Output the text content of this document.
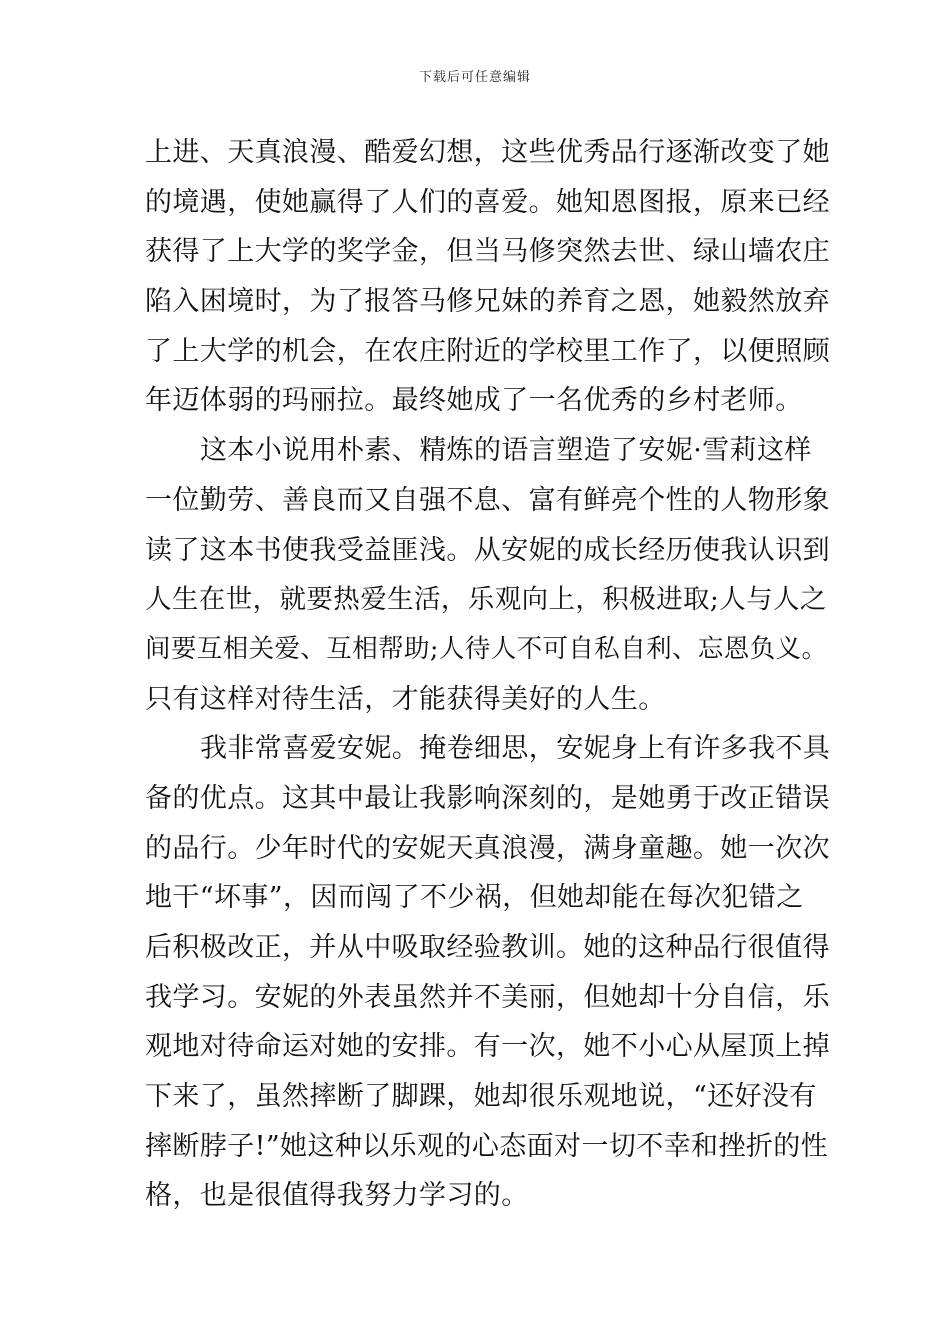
下载后可任意编辑
上进、天真浪漫、酷爱幻想，这些优秀品行逐渐改变了她
的境遇，使她赢得了人们的喜爱。她知恩图报，原来已经
获得了上大学的奖学金，但当马修突然去世、绿山墙农庄
陷入困境时，为了报答马修兄妹的养育之恩，她毅然放弃
了上大学的机会，在农庄附近的学校里工作了，以便照顾
年迈体弱的玛丽拉。最终她成了一名优秀的乡村老师。
这本小说用朴素、精炼的语言塑造了安妮·雪莉这样
一位勤劳、善良而又自强不息、富有鲜亮个性的人物形象
读了这本书使我受益匪浅。从安妮的成长经历使我认识到
人生在世，就要热爱生活，乐观向上，积极进取;人与人之
间要互相关爱、互相帮助;人待人不可自私自利、忘恩负义。
只有这样对待生活，才能获得美好的人生。
我非常喜爱安妮。掩卷细思，安妮身上有许多我不具
备的优点。这其中最让我影响深刻的，是她勇于改正错误
的品行。少年时代的安妮天真浪漫，满身童趣。她一次次
地干“坏事”，因而闯了不少祸，但她却能在每次犯错之
后积极改正，并从中吸取经验教训。她的这种品行很值得
我学习。安妮的外表虽然并不美丽，但她却十分自信，乐
观地对待命运对她的安排。有一次，她不小心从屋顶上掉
下来了，虽然摔断了脚踝，她却很乐观地说，“还好没有
摔断脖子!”她这种以乐观的心态面对一切不幸和挫折的性
格，也是很值得我努力学习的。
